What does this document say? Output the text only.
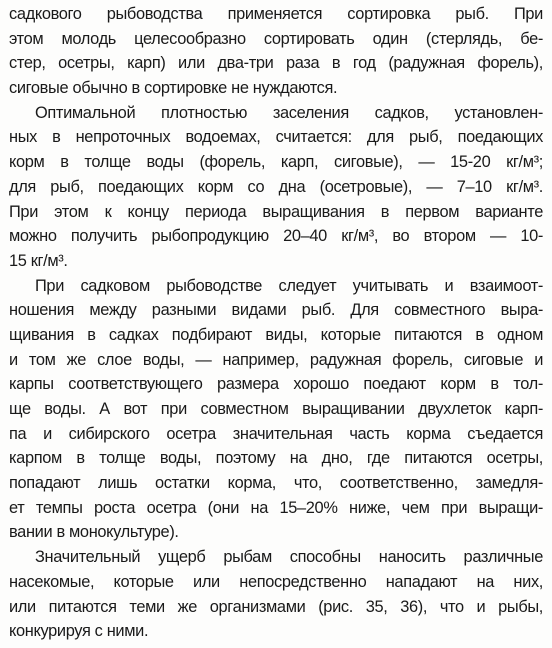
садкового рыбоводства применяется сортировка рыб. При
этом молодь целесообразно сортировать один (стерлядь, бе-
стер, осетры, карп) или два-три раза в год (радужная форель),
сиговые обычно в сортировке не нуждаются.
Оптимальной плотностью заселения садков, установлен-
ных в непроточных водоемах, считается: для рыб, поедающих
корм в толще воды (форель, карп, сиговые), — 15-20 кг/м³;
для рыб, поедающих корм со дна (осетровые), — 7–10 кг/м³.
При этом к концу периода выращивания в первом варианте
можно получить рыбопродукцию 20–40 кг/м³, во втором — 10-
15 кг/м³.
При садковом рыбоводстве следует учитывать и взаимоот-
ношения между разными видами рыб. Для совместного выра-
щивания в садках подбирают виды, которые питаются в одном
и том же слое воды, — например, радужная форель, сиговые и
карпы соответствующего размера хорошо поедают корм в тол-
ще воды. А вот при совместном выращивании двухлеток карп-
па и сибирского осетра значительная часть корма съедается
карпом в толще воды, поэтому на дно, где питаются осетры,
попадают лишь остатки корма, что, соответственно, замедля-
ет темпы роста осетра (они на 15–20% ниже, чем при выращи-
вании в монокультуре).
Значительный ущерб рыбам способны наносить различные
насекомые, которые или непосредственно нападают на них,
или питаются теми же организмами (рис. 35, 36), что и рыбы,
конкурируя с ними.
